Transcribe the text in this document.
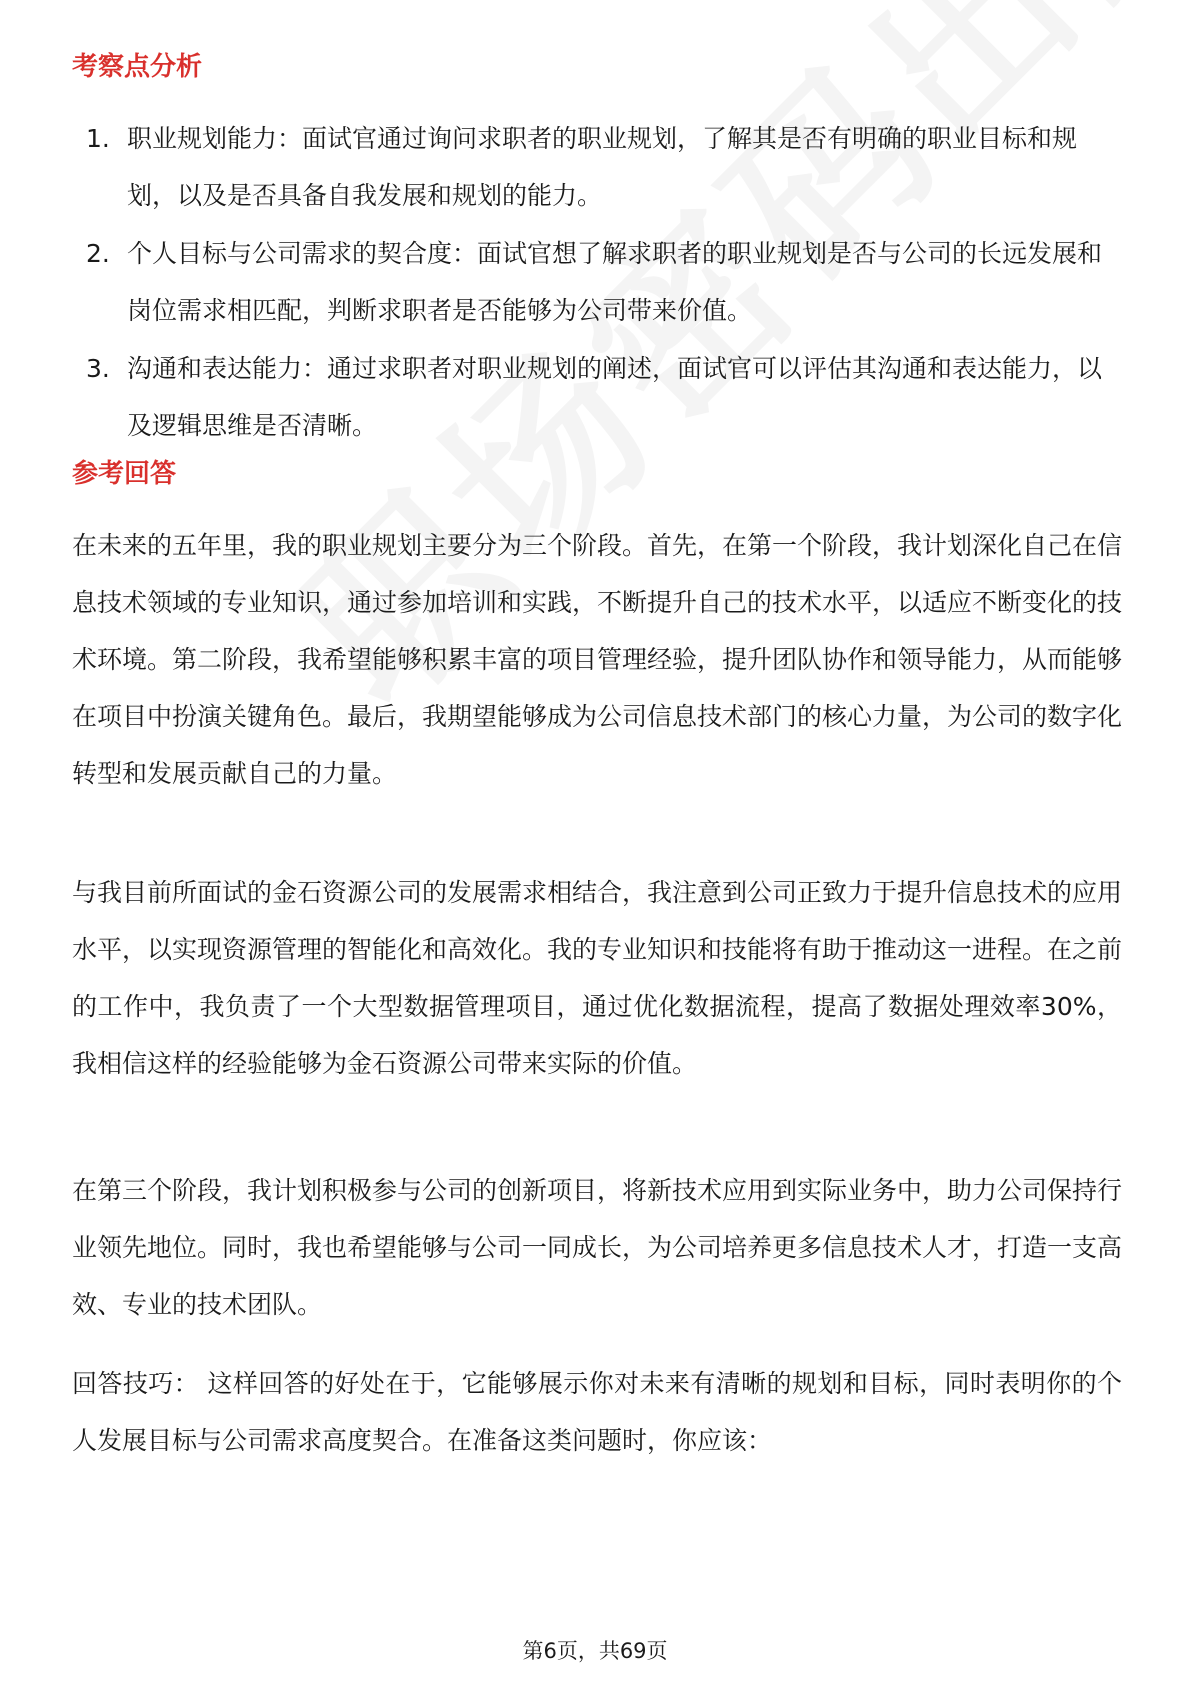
考察点分析
1. 职业规划能力：面试官通过询问求职者的职业规划，了解其是否有明确的职业目标和规划，以及是否具备自我发展和规划的能力。
2. 个人目标与公司需求的契合度：面试官想了解求职者的职业规划是否与公司的长远发展和岗位需求相匹配，判断求职者是否能够为公司带来价值。
3. 沟通和表达能力：通过求职者对职业规划的阐述，面试官可以评估其沟通和表达能力，以及逻辑思维是否清晰。
参考回答

在未来的五年里，我的职业规划主要分为三个阶段。首先，在第一个阶段，我计划深化自己在信息技术领域的专业知识，通过参加培训和实践，不断提升自己的技术水平，以适应不断变化的技术环境。第二阶段，我希望能够积累丰富的项目管理经验，提升团队协作和领导能力，从而能够在项目中扮演关键角色。最后，我期望能够成为公司信息技术部门的核心力量，为公司的数字化转型和发展贡献自己的力量。

与我目前所面试的金石资源公司的发展需求相结合，我注意到公司正致力于提升信息技术的应用水平，以实现资源管理的智能化和高效化。我的专业知识和技能将有助于推动这一进程。在之前的工作中，我负责了一个大型数据管理项目，通过优化数据流程，提高了数据处理效率30%，我相信这样的经验能够为金石资源公司带来实际的价值。

在第三个阶段，我计划积极参与公司的创新项目，将新技术应用到实际业务中，助力公司保持行业领先地位。同时，我也希望能够与公司一同成长，为公司培养更多信息技术人才，打造一支高效、专业的技术团队。

回答技巧： 这样回答的好处在于，它能够展示你对未来有清晰的规划和目标，同时表明你的个人发展目标与公司需求高度契合。在准备这类问题时，你应该：

第6页，共69页
